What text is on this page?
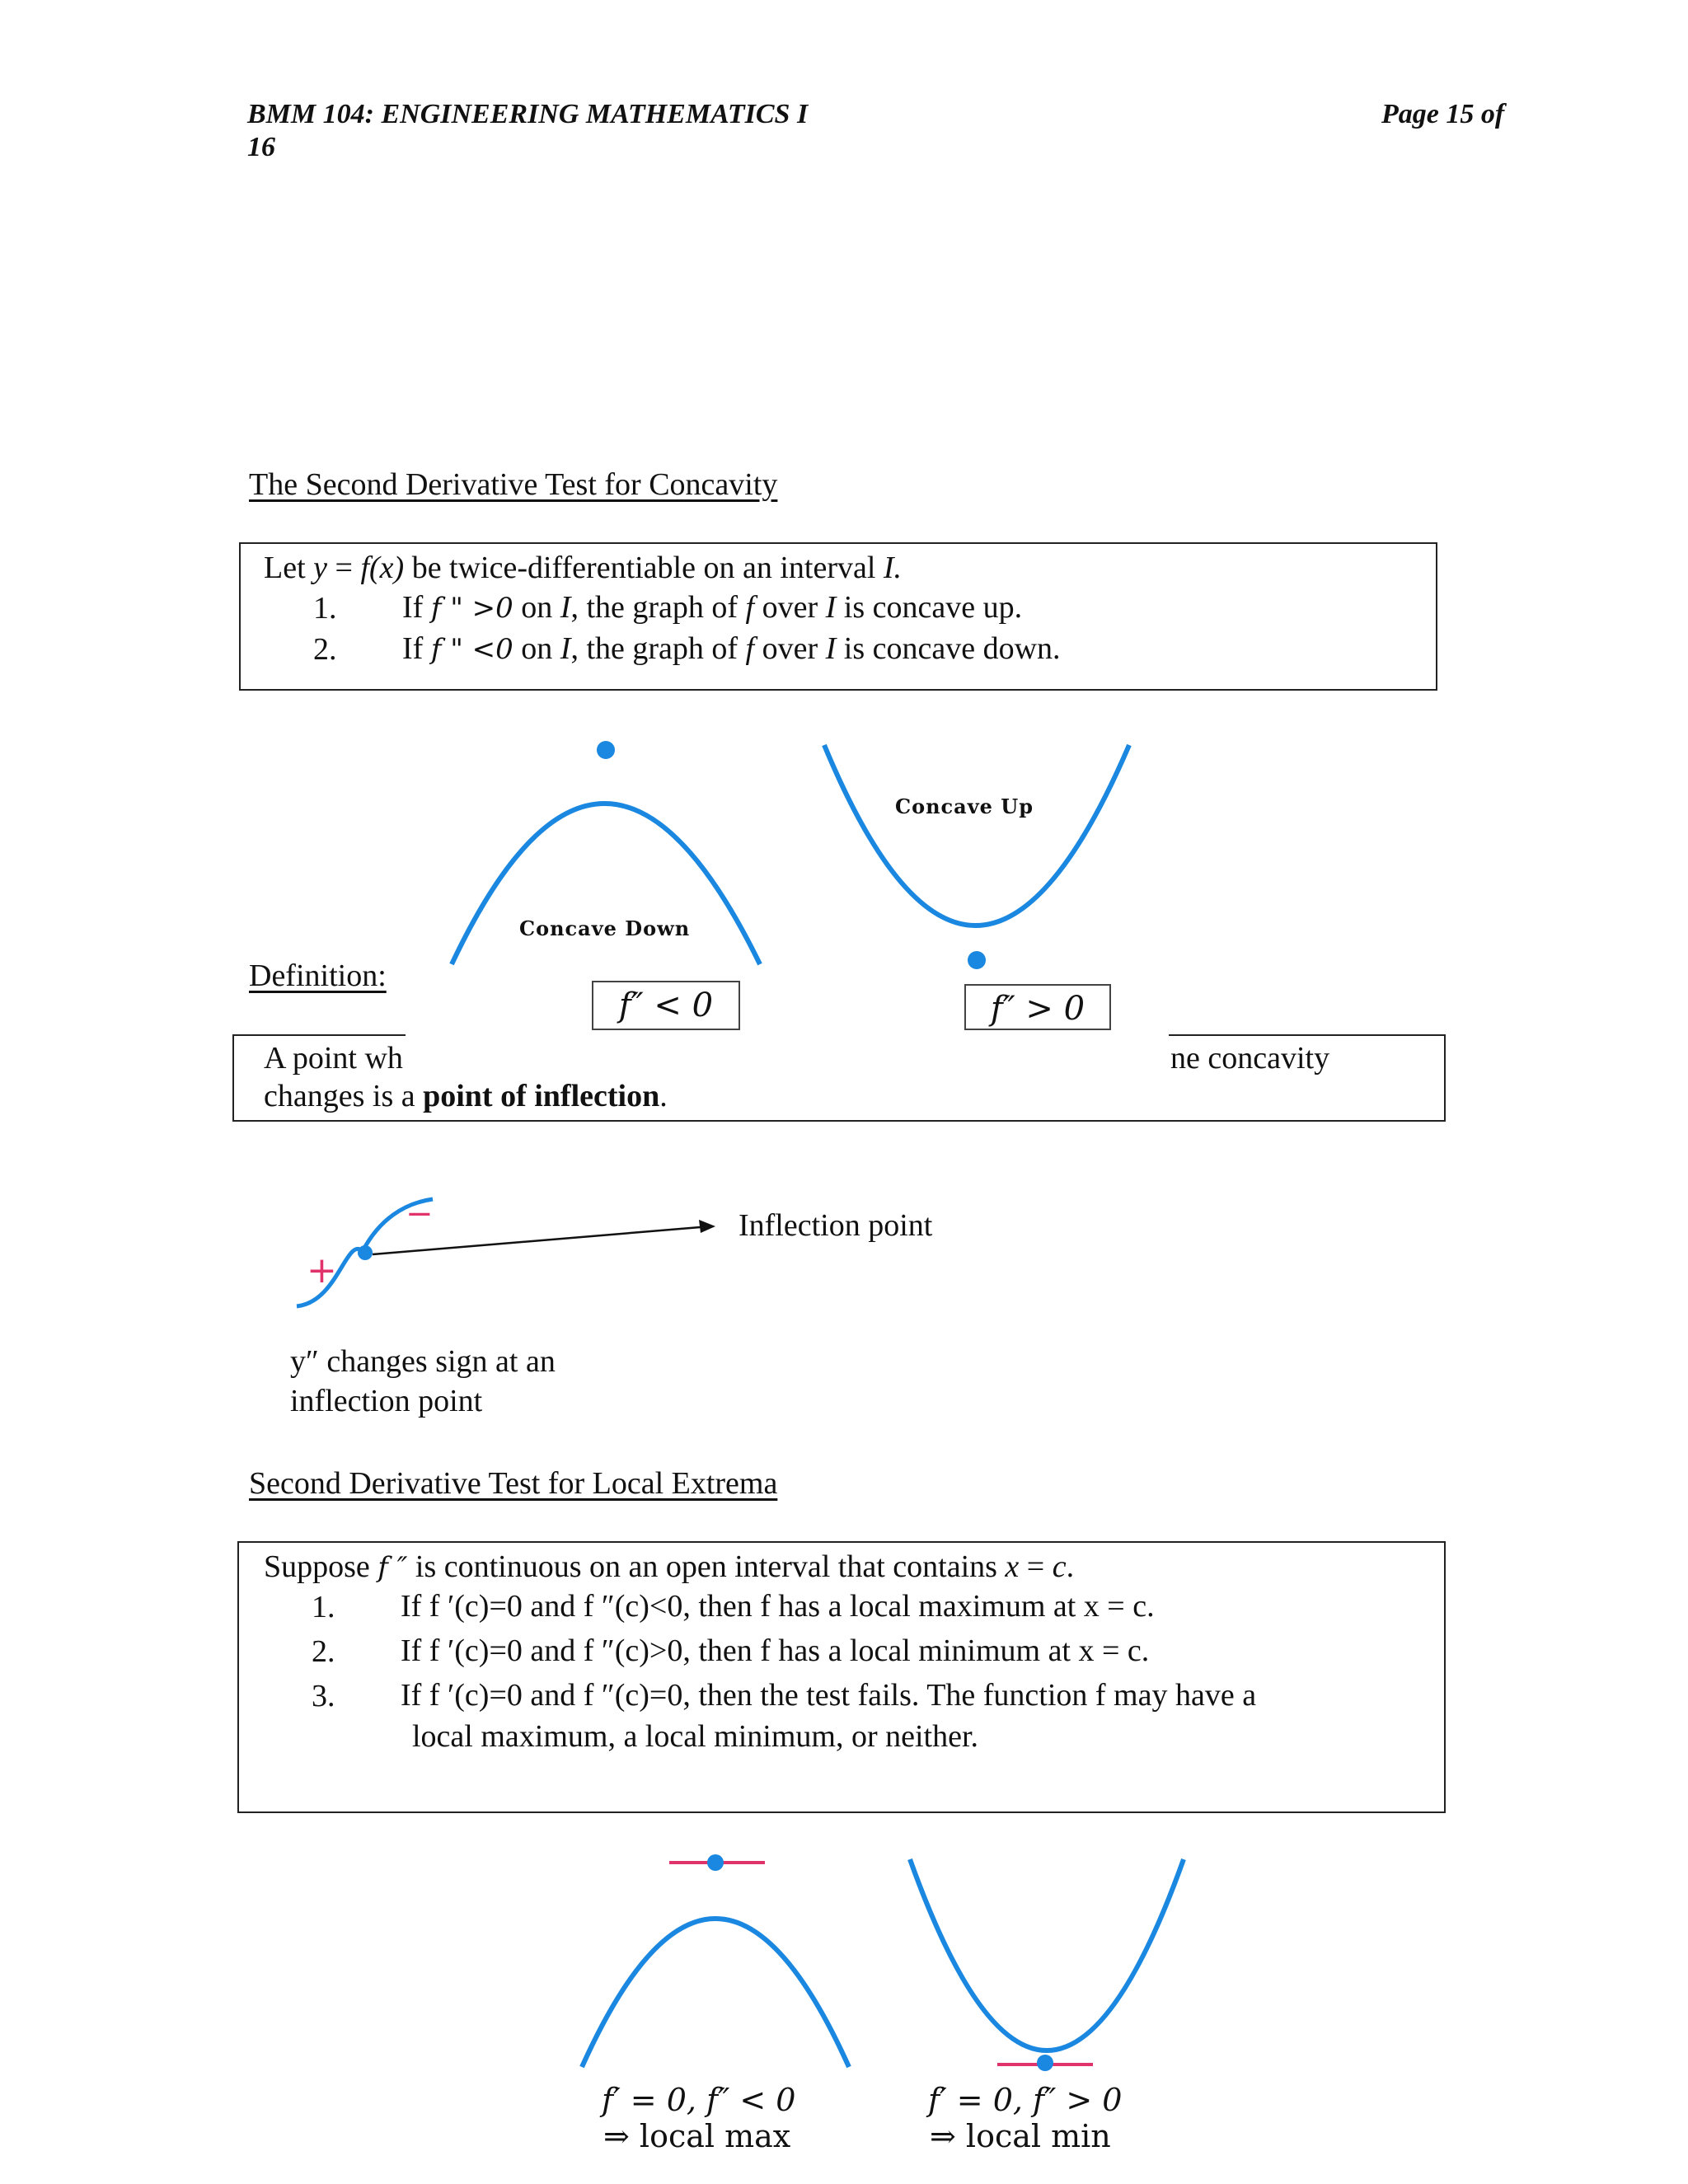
BMM 104: ENGINEERING MATHEMATICS I
16
Page 15 of
The Second Derivative Test for Concavity
Let y = f(x) be twice-differentiable on an interval I.
1. If f " >0 on I, the graph of f over I is concave up.
2. If f " <0 on I, the graph of f over I is concave down.
Definition:
A point wh	ne concavity
changes is a point of inflection.
Concave Down
Concave Up
f″ < 0	f″ > 0
+
−	Inflection point
y″ changes sign at an
inflection point
Second Derivative Test for Local Extrema
Suppose f ″ is continuous on an open interval that contains x = c.
1. If f ′(c)=0 and f ″(c)<0, then f has a local maximum at x = c.
2. If f ′(c)=0 and f ″(c)>0, then f has a local minimum at x = c.
3. If f ′(c)=0 and f ″(c)=0, then the test fails. The function f may have a
local maximum, a local minimum, or neither.
f′ = 0, f″ < 0
⇒ local max
f′ = 0, f″ > 0
⇒ local min
